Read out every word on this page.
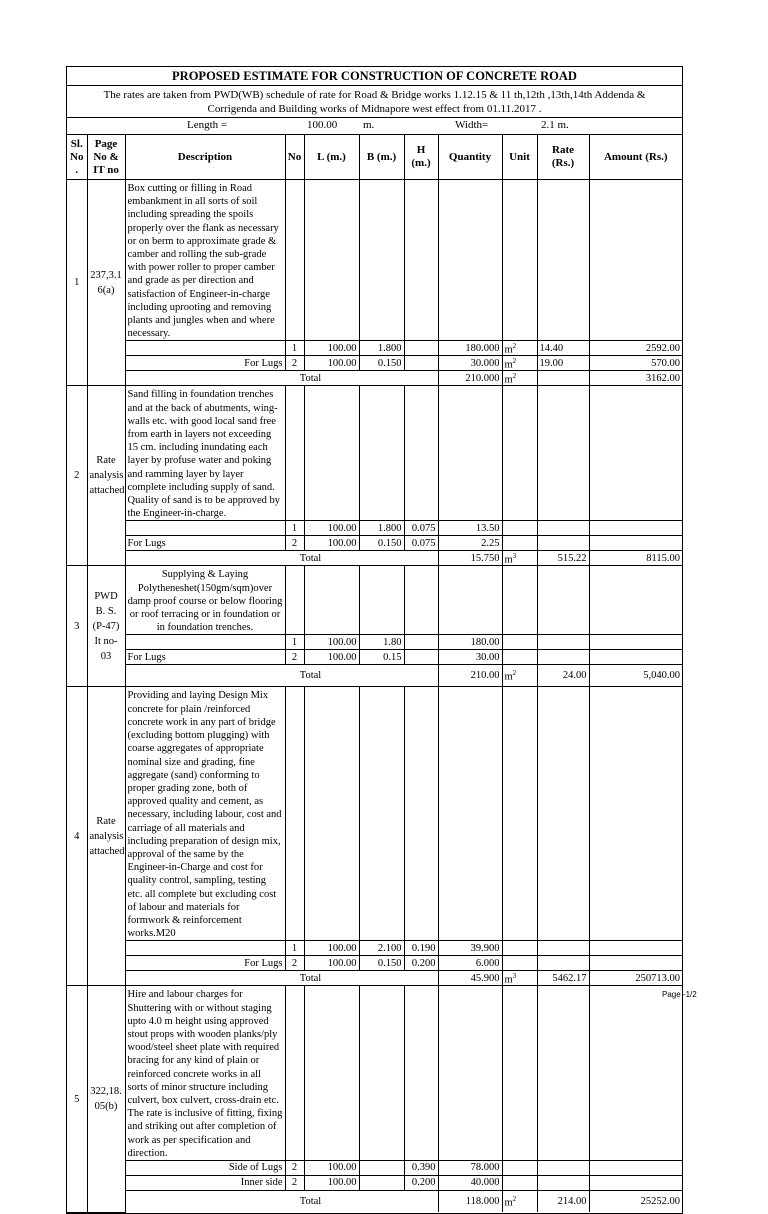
PROPOSED ESTIMATE FOR CONSTRUCTION OF CONCRETE ROAD
The rates are taken from PWD(WB) schedule of rate for Road & Bridge works 1.12.15 & 11 th,12th ,13th,14th Addenda &
Corrigenda and Building works of Midnapore west effect from 01.11.2017 .
Length =	100.00 m.	Width=	2.1 m.
Sl. No .	Page No & IT no	Description	No	L (m.)	B (m.)	H (m.)	Quantity	Unit	Rate (Rs.)	Amount (Rs.)
1	237,3.1 6(a)	Box cutting or filling in Road embankment in all sorts of soil including spreading the spoils properly over the flank as necessary or on berm to approximate grade & camber and rolling the sub-grade with power roller to proper camber and grade as per direction and satisfaction of Engineer-in-charge including uprooting and removing plants and jungles when and where necessary.								
			1	100.00	1.800		180.000	$m^2$	14.40	2592.00
		For Lugs	2	100.00	0.150		30.000	$m^2$	19.00	570.00
		Total					210.000	$m^2$		3162.00
2	Rate analysis attached	Sand filling in foundation trenches and at the back of abutments, wing-walls etc. with good local sand free from earth in layers not exceeding 15 cm. including inundating each layer by profuse water and poking and ramming layer by layer complete including supply of sand. Quality of sand is to be approved by the Engineer-in-charge.								
			1	100.00	1.800	0.075	13.50			
		For Lugs	2	100.00	0.150	0.075	2.25			
		Total					15.750	$m^3$	515.22	8115.00
3	PWD B. S.(P-47) It no-03	Supplying & Laying Polytheneshet(150gm/sqm)over damp proof course or below flooring or roof terracing or in foundation or in foundation trenches.								
			1	100.00	1.80		180.00			
		For Lugs	2	100.00	0.15		30.00			
		Total					210.00	$m^2$	24.00	5,040.00
4	Rate analysis attached	Providing and laying Design Mix concrete for plain /reinforced concrete work in any part of bridge (excluding bottom plugging) with coarse aggregates of appropriate nominal size and grading, fine aggregate (sand) conforming to proper grading zone, both of approved quality and cement, as necessary, including labour, cost and carriage of all materials and including preparation of design mix, approval of the same by the Engineer-in-Charge and cost for quality control, sampling, testing etc. all complete but excluding cost of labour and materials for formwork & reinforcement works.M20								
			1	100.00	2.100	0.190	39.900			
		For Lugs	2	100.00	0.150	0.200	6.000			
		Total					45.900	$m^3$	5462.17	250713.00
5	322,18. 05(b)	Hire and labour charges for Shuttering with or without staging upto 4.0 m height using approved stout props with wooden planks/ply wood/steel sheet plate with required bracing for any kind of plain or reinforced concrete works in all sorts of minor structure including culvert, box culvert, cross-drain etc. The rate is inclusive of fitting, fixing and striking out after completion of work as per specification and direction.								
		Side of Lugs	2	100.00		0.390	78.000			
		Inner side	2	100.00		0.200	40.000			
		Total					118.000	$m^2$	214.00	25252.00
Page -1/2
